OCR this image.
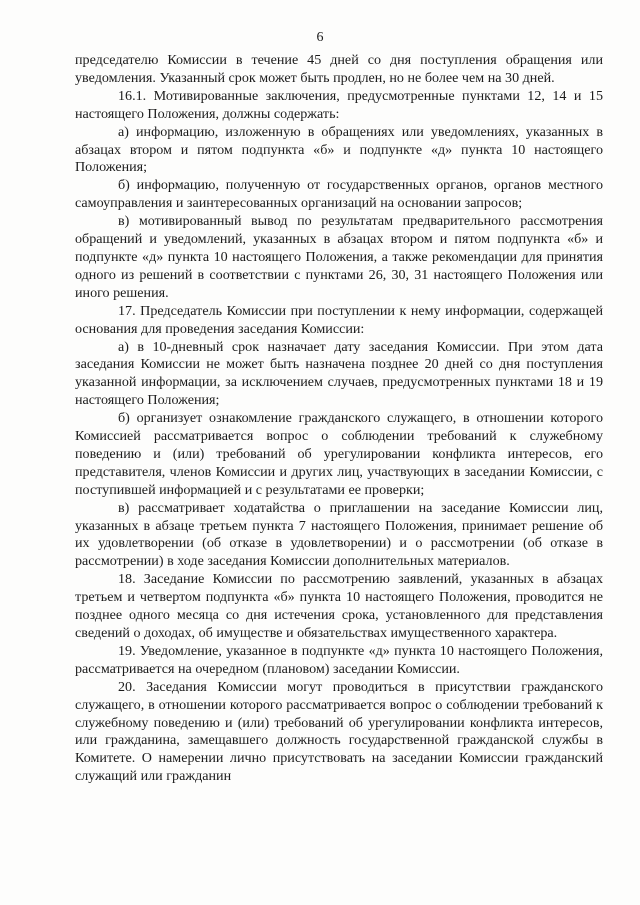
6

председателю Комиссии в течение 45 дней со дня поступления обращения или уведомления. Указанный срок может быть продлен, но не более чем на 30 дней.

16.1. Мотивированные заключения, предусмотренные пунктами 12, 14 и 15 настоящего Положения, должны содержать:

а) информацию, изложенную в обращениях или уведомлениях, указанных в абзацах втором и пятом подпункта «б» и подпункте «д» пункта 10 настоящего Положения;

б) информацию, полученную от государственных органов, органов местного самоуправления и заинтересованных организаций на основании запросов;

в) мотивированный вывод по результатам предварительного рассмотрения обращений и уведомлений, указанных в абзацах втором и пятом подпункта «б» и подпункте «д» пункта 10 настоящего Положения, а также рекомендации для принятия одного из решений в соответствии с пунктами 26, 30, 31 настоящего Положения или иного решения.

17. Председатель Комиссии при поступлении к нему информации, содержащей основания для проведения заседания Комиссии:

а) в 10-дневный срок назначает дату заседания Комиссии. При этом дата заседания Комиссии не может быть назначена позднее 20 дней со дня поступления указанной информации, за исключением случаев, предусмотренных пунктами 18 и 19 настоящего Положения;

б) организует ознакомление гражданского служащего, в отношении которого Комиссией рассматривается вопрос о соблюдении требований к служебному поведению и (или) требований об урегулировании конфликта интересов, его представителя, членов Комиссии и других лиц, участвующих в заседании Комиссии, с поступившей информацией и с результатами ее проверки;

в) рассматривает ходатайства о приглашении на заседание Комиссии лиц, указанных в абзаце третьем пункта 7 настоящего Положения, принимает решение об их удовлетворении (об отказе в удовлетворении) и о рассмотрении (об отказе в рассмотрении) в ходе заседания Комиссии дополнительных материалов.

18. Заседание Комиссии по рассмотрению заявлений, указанных в абзацах третьем и четвертом подпункта «б» пункта 10 настоящего Положения, проводится не позднее одного месяца со дня истечения срока, установленного для представления сведений о доходах, об имуществе и обязательствах имущественного характера.

19. Уведомление, указанное в подпункте «д» пункта 10 настоящего Положения, рассматривается на очередном (плановом) заседании Комиссии.

20. Заседания Комиссии могут проводиться в присутствии гражданского служащего, в отношении которого рассматривается вопрос о соблюдении требований к служебному поведению и (или) требований об урегулировании конфликта интересов, или гражданина, замещавшего должность государственной гражданской службы в Комитете. О намерении лично присутствовать на заседании Комиссии гражданский служащий или гражданин
